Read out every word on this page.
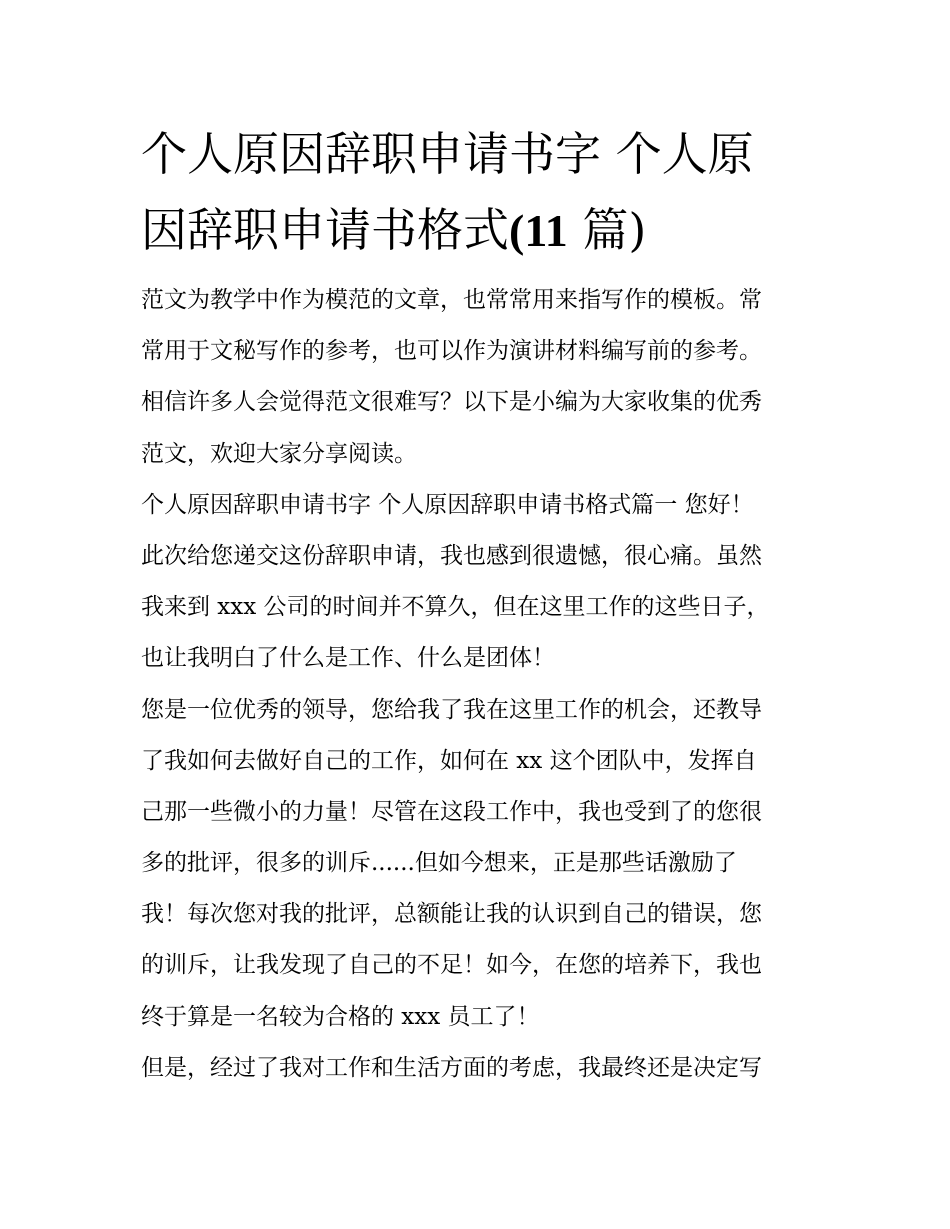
个人原因辞职申请书字 个人原
因辞职申请书格式(11 篇)
范文为教学中作为模范的文章，也常常用来指写作的模板。常
常用于文秘写作的参考，也可以作为演讲材料编写前的参考。
相信许多人会觉得范文很难写？以下是小编为大家收集的优秀
范文，欢迎大家分享阅读。
个人原因辞职申请书字 个人原因辞职申请书格式篇一 您好！
此次给您递交这份辞职申请，我也感到很遗憾，很心痛。虽然
我来到 xxx 公司的时间并不算久，但在这里工作的这些日子，
也让我明白了什么是工作、什么是团体！
您是一位优秀的领导，您给我了我在这里工作的机会，还教导
了我如何去做好自己的工作，如何在 xx 这个团队中，发挥自
己那一些微小的力量！尽管在这段工作中，我也受到了的您很
多的批评，很多的训斥......但如今想来，正是那些话激励了
我！每次您对我的批评，总额能让我的认识到自己的错误，您
的训斥，让我发现了自己的不足！如今，在您的培养下，我也
终于算是一名较为合格的 xxx 员工了！
但是，经过了我对工作和生活方面的考虑，我最终还是决定写
